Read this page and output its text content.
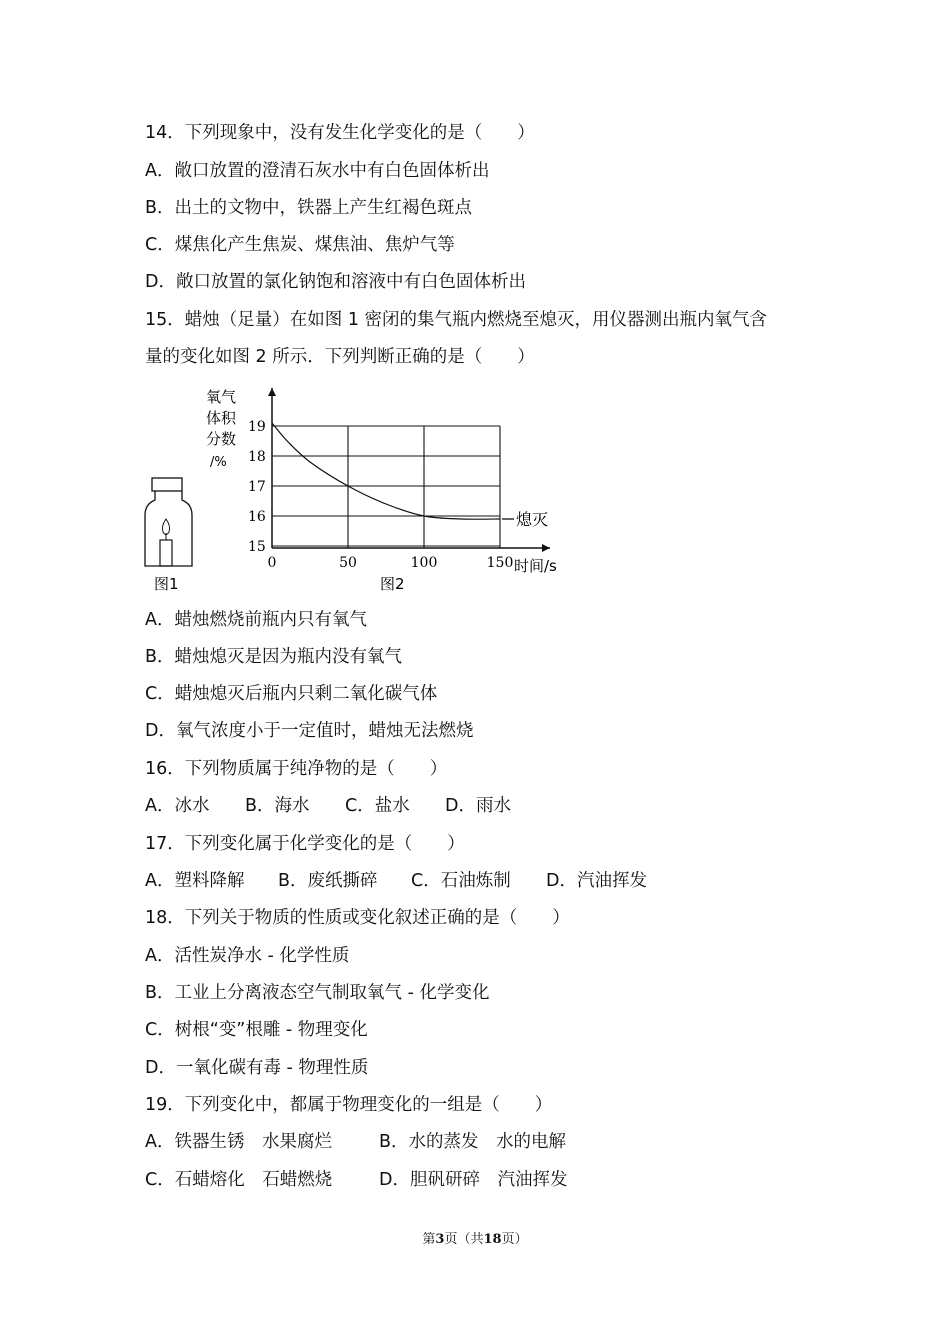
14．下列现象中，没有发生化学变化的是（　　）
A．敞口放置的澄清石灰水中有白色固体析出
B．出土的文物中，铁器上产生红褐色斑点
C．煤焦化产生焦炭、煤焦油、焦炉气等
D．敞口放置的氯化钠饱和溶液中有白色固体析出
15．蜡烛（足量）在如图 1 密闭的集气瓶内燃烧至熄灭，用仪器测出瓶内氧气含
量的变化如图 2 所示．下列判断正确的是（　　）
图1
氧气
体积
分数
/%
15
16
17
18
19
0	50	100	150 时间/s
熄灭
图2
A．蜡烛燃烧前瓶内只有氧气
B．蜡烛熄灭是因为瓶内没有氧气
C．蜡烛熄灭后瓶内只剩二氧化碳气体
D．氧气浓度小于一定值时，蜡烛无法燃烧
16．下列物质属于纯净物的是（　　）
A．冰水	B．海水	C．盐水	D．雨水
17．下列变化属于化学变化的是（　　）
A．塑料降解	B．废纸撕碎	C．石油炼制	D．汽油挥发
18．下列关于物质的性质或变化叙述正确的是（　　）
A．活性炭净水 - 化学性质
B．工业上分离液态空气制取氧气 - 化学变化
C．树根“变”根雕 - 物理变化
D．一氧化碳有毒 - 物理性质
19．下列变化中，都属于物理变化的一组是（　　）
A．铁器生锈　水果腐烂	B．水的蒸发　水的电解
C．石蜡熔化　石蜡燃烧	D．胆矾研碎　汽油挥发
第3页（共18页）
